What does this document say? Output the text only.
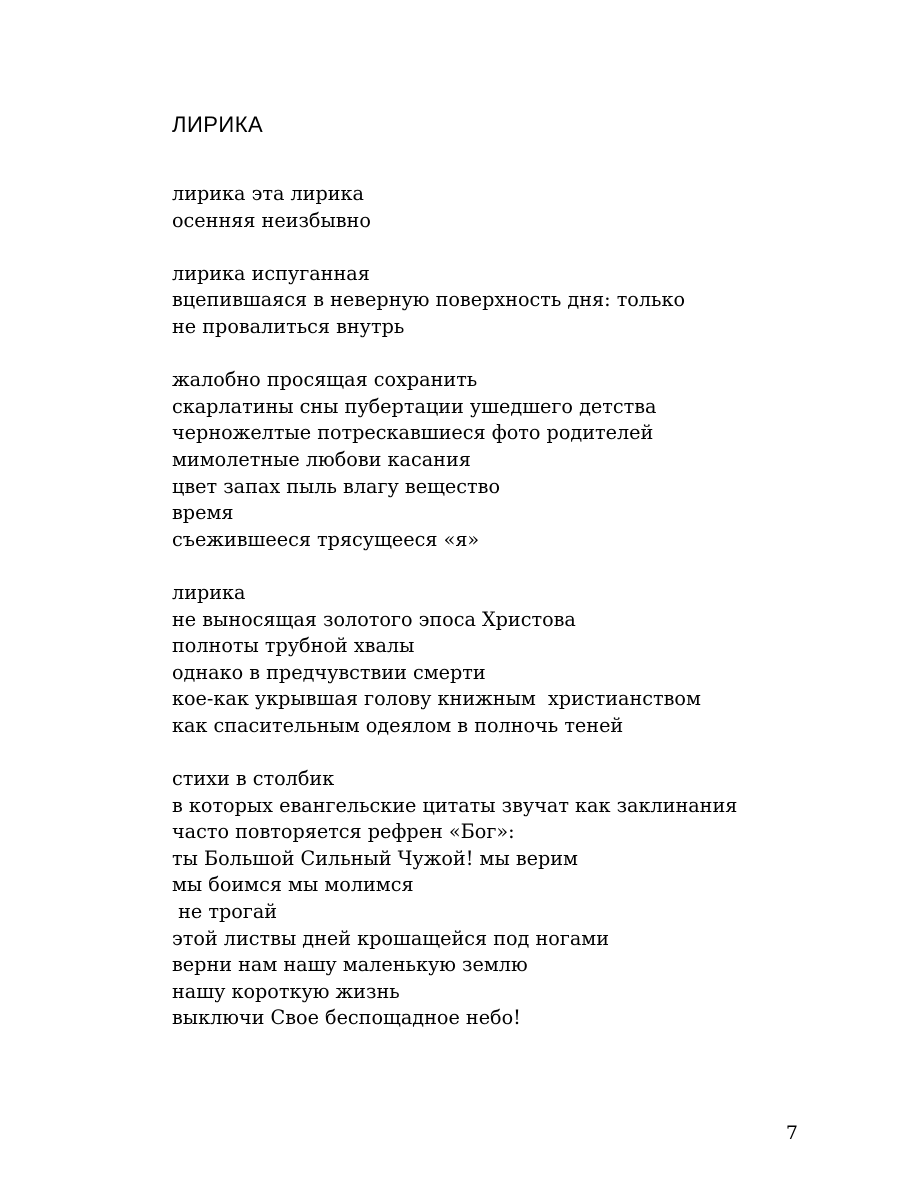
ЛИРИКА
лирика эта лирика
осенняя неизбывно
лирика испуганная
вцепившаяся в неверную поверхность дня: только
не провалиться внутрь
жалобно просящая сохранить
скарлатины сны пубертации ушедшего детства
черножелтые потрескавшиеся фото родителей
мимолетные любови касания
цвет запах пыль влагу вещество
время
съежившееся трясущееся «я»
лирика
не выносящая золотого эпоса Христова
полноты трубной хвалы
однако в предчувствии смерти
кое-как укрывшая голову книжным  христианством
как спасительным одеялом в полночь теней
стихи в столбик
в которых евангельские цитаты звучат как заклинания
часто повторяется рефрен «Бог»:
ты Большой Сильный Чужой! мы верим
мы боимся мы молимся
не трогай
этой листвы дней крошащейся под ногами
верни нам нашу маленькую землю
нашу короткую жизнь
выключи Свое беспощадное небо!
7
